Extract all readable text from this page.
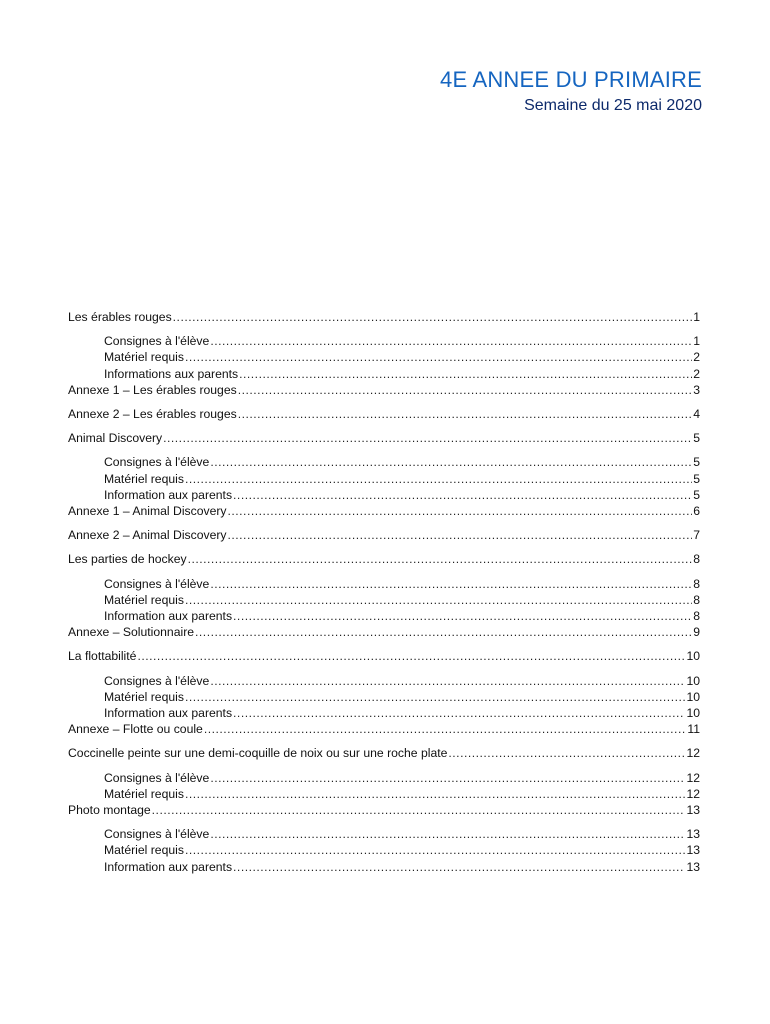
4E ANNEE DU PRIMAIRE
Semaine du 25 mai 2020
Les érables rouges .....	1
Consignes à l'élève .....	1
Matériel requis .....	2
Informations aux parents .....	2
Annexe 1 – Les érables rouges .....	3
Annexe 2 – Les érables rouges .....	4
Animal Discovery .....	5
Consignes à l'élève .....	5
Matériel requis .....	5
Information aux parents .....	5
Annexe 1 – Animal Discovery .....	6
Annexe 2 – Animal Discovery .....	7
Les parties de hockey .....	8
Consignes à l'élève .....	8
Matériel requis .....	8
Information aux parents .....	8
Annexe – Solutionnaire .....	9
La flottabilité .....	10
Consignes à l'élève .....	10
Matériel requis .....	10
Information aux parents .....	10
Annexe – Flotte ou coule .....	11
Coccinelle peinte sur une demi-coquille de noix ou sur une roche plate .....	12
Consignes à l'élève .....	12
Matériel requis .....	12
Photo montage .....	13
Consignes à l'élève .....	13
Matériel requis .....	13
Information aux parents .....	13
